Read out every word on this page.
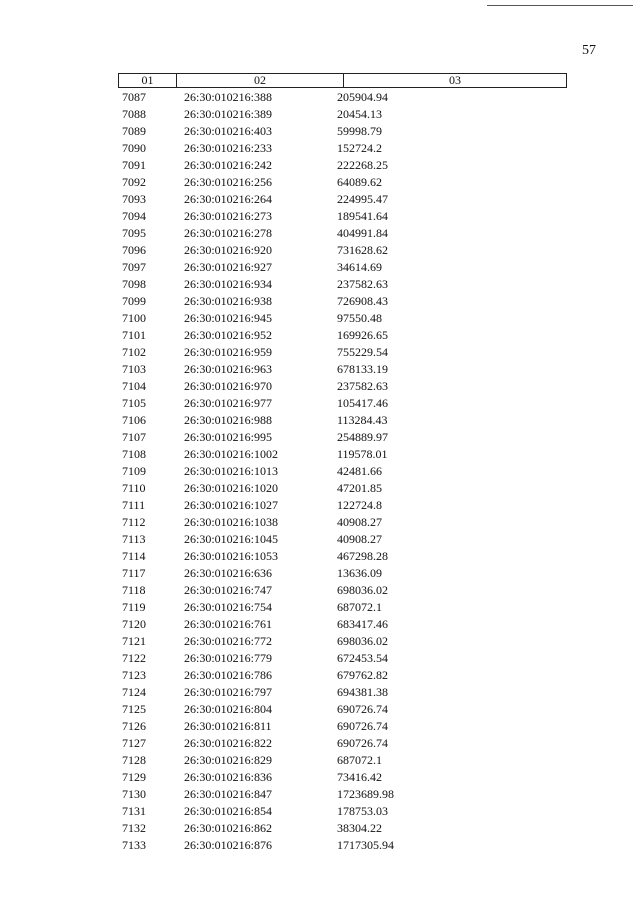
57
01	02	03
7087	26:30:010216:388	205904.94
7088	26:30:010216:389	20454.13
7089	26:30:010216:403	59998.79
7090	26:30:010216:233	152724.2
7091	26:30:010216:242	222268.25
7092	26:30:010216:256	64089.62
7093	26:30:010216:264	224995.47
7094	26:30:010216:273	189541.64
7095	26:30:010216:278	404991.84
7096	26:30:010216:920	731628.62
7097	26:30:010216:927	34614.69
7098	26:30:010216:934	237582.63
7099	26:30:010216:938	726908.43
7100	26:30:010216:945	97550.48
7101	26:30:010216:952	169926.65
7102	26:30:010216:959	755229.54
7103	26:30:010216:963	678133.19
7104	26:30:010216:970	237582.63
7105	26:30:010216:977	105417.46
7106	26:30:010216:988	113284.43
7107	26:30:010216:995	254889.97
7108	26:30:010216:1002	119578.01
7109	26:30:010216:1013	42481.66
7110	26:30:010216:1020	47201.85
7111	26:30:010216:1027	122724.8
7112	26:30:010216:1038	40908.27
7113	26:30:010216:1045	40908.27
7114	26:30:010216:1053	467298.28
7117	26:30:010216:636	13636.09
7118	26:30:010216:747	698036.02
7119	26:30:010216:754	687072.1
7120	26:30:010216:761	683417.46
7121	26:30:010216:772	698036.02
7122	26:30:010216:779	672453.54
7123	26:30:010216:786	679762.82
7124	26:30:010216:797	694381.38
7125	26:30:010216:804	690726.74
7126	26:30:010216:811	690726.74
7127	26:30:010216:822	690726.74
7128	26:30:010216:829	687072.1
7129	26:30:010216:836	73416.42
7130	26:30:010216:847	1723689.98
7131	26:30:010216:854	178753.03
7132	26:30:010216:862	38304.22
7133	26:30:010216:876	1717305.94
